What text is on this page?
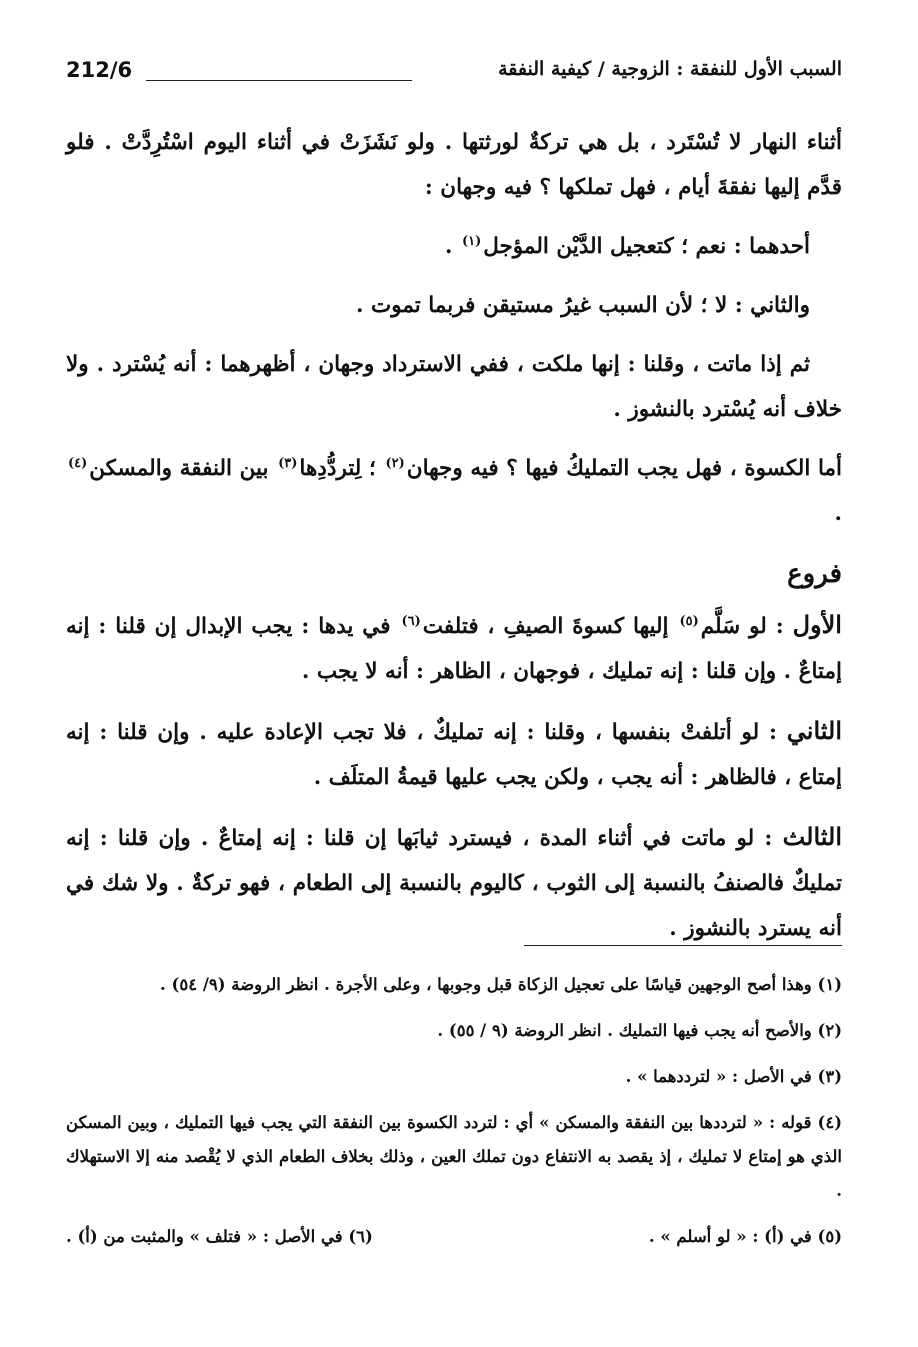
السبب الأول للنفقة : الزوجية / كيفية النفقة
212/6

أثناء النهار لا تُسْتَرد ، بل هي تركةٌ لورثتها . ولو نَشَزَتْ في أثناء اليوم اسْتُرِدَّتْ . فلو قدَّم إليها نفقةَ أيام ، فهل تملكها ؟ فيه وجهان :

أحدهما : نعم ؛ كتعجيل الدَّيْن المؤجل$^{(١)}$ .

والثاني : لا ؛ لأن السبب غيرُ مستيقن فربما تموت .

ثم إذا ماتت ، وقلنا : إنها ملكت ، ففي الاسترداد وجهان ، أظهرهما : أنه يُسْترد . ولا خلاف أنه يُسْترد بالنشوز .

أما الكسوة ، فهل يجب التمليكُ فيها ؟ فيه وجهان$^{(٢)}$ ؛ لِتردُّدِها$^{(٣)}$ بين النفقة والمسكن$^{(٤)}$ .

فروع

الأول : لو سَلَّم$^{(٥)}$ إليها كسوةَ الصيفِ ، فتلفت$^{(٦)}$ في يدها : يجب الإبدال إن قلنا : إنه إمتاعٌ . وإن قلنا : إنه تمليك ، فوجهان ، الظاهر : أنه لا يجب .

الثاني : لو أتلفتْ بنفسها ، وقلنا : إنه تمليكٌ ، فلا تجب الإعادة عليه . وإن قلنا : إنه إمتاع ، فالظاهر : أنه يجب ، ولكن يجب عليها قيمةُ المتلَف .

الثالث : لو ماتت في أثناء المدة ، فيسترد ثيابَها إن قلنا : إنه إمتاعٌ . وإن قلنا : إنه تمليكٌ فالصنفُ بالنسبة إلى الثوب ، كاليوم بالنسبة إلى الطعام ، فهو تركةٌ . ولا شك في أنه يسترد بالنشوز .

(١) وهذا أصح الوجهين قياسًا على تعجيل الزكاة قبل وجوبها ، وعلى الأجرة . انظر الروضة (٩/ ٥٤) .

(٢) والأصح أنه يجب فيها التمليك . انظر الروضة (٩ / ٥٥) .

(٣) في الأصل : « لترددهما » .

(٤) قوله : « لترددها بين النفقة والمسكن » أي : لتردد الكسوة بين النفقة التي يجب فيها التمليك ، وبين المسكن الذي هو إمتاع لا تمليك ، إذ يقصد به الانتفاع دون تملك العين ، وذلك بخلاف الطعام الذي لا يُقْصد منه إلا الاستهلاك .

(٥) في (أ) : « لو أسلم » .

(٦) في الأصل : « فتلف » والمثبت من (أ) .
